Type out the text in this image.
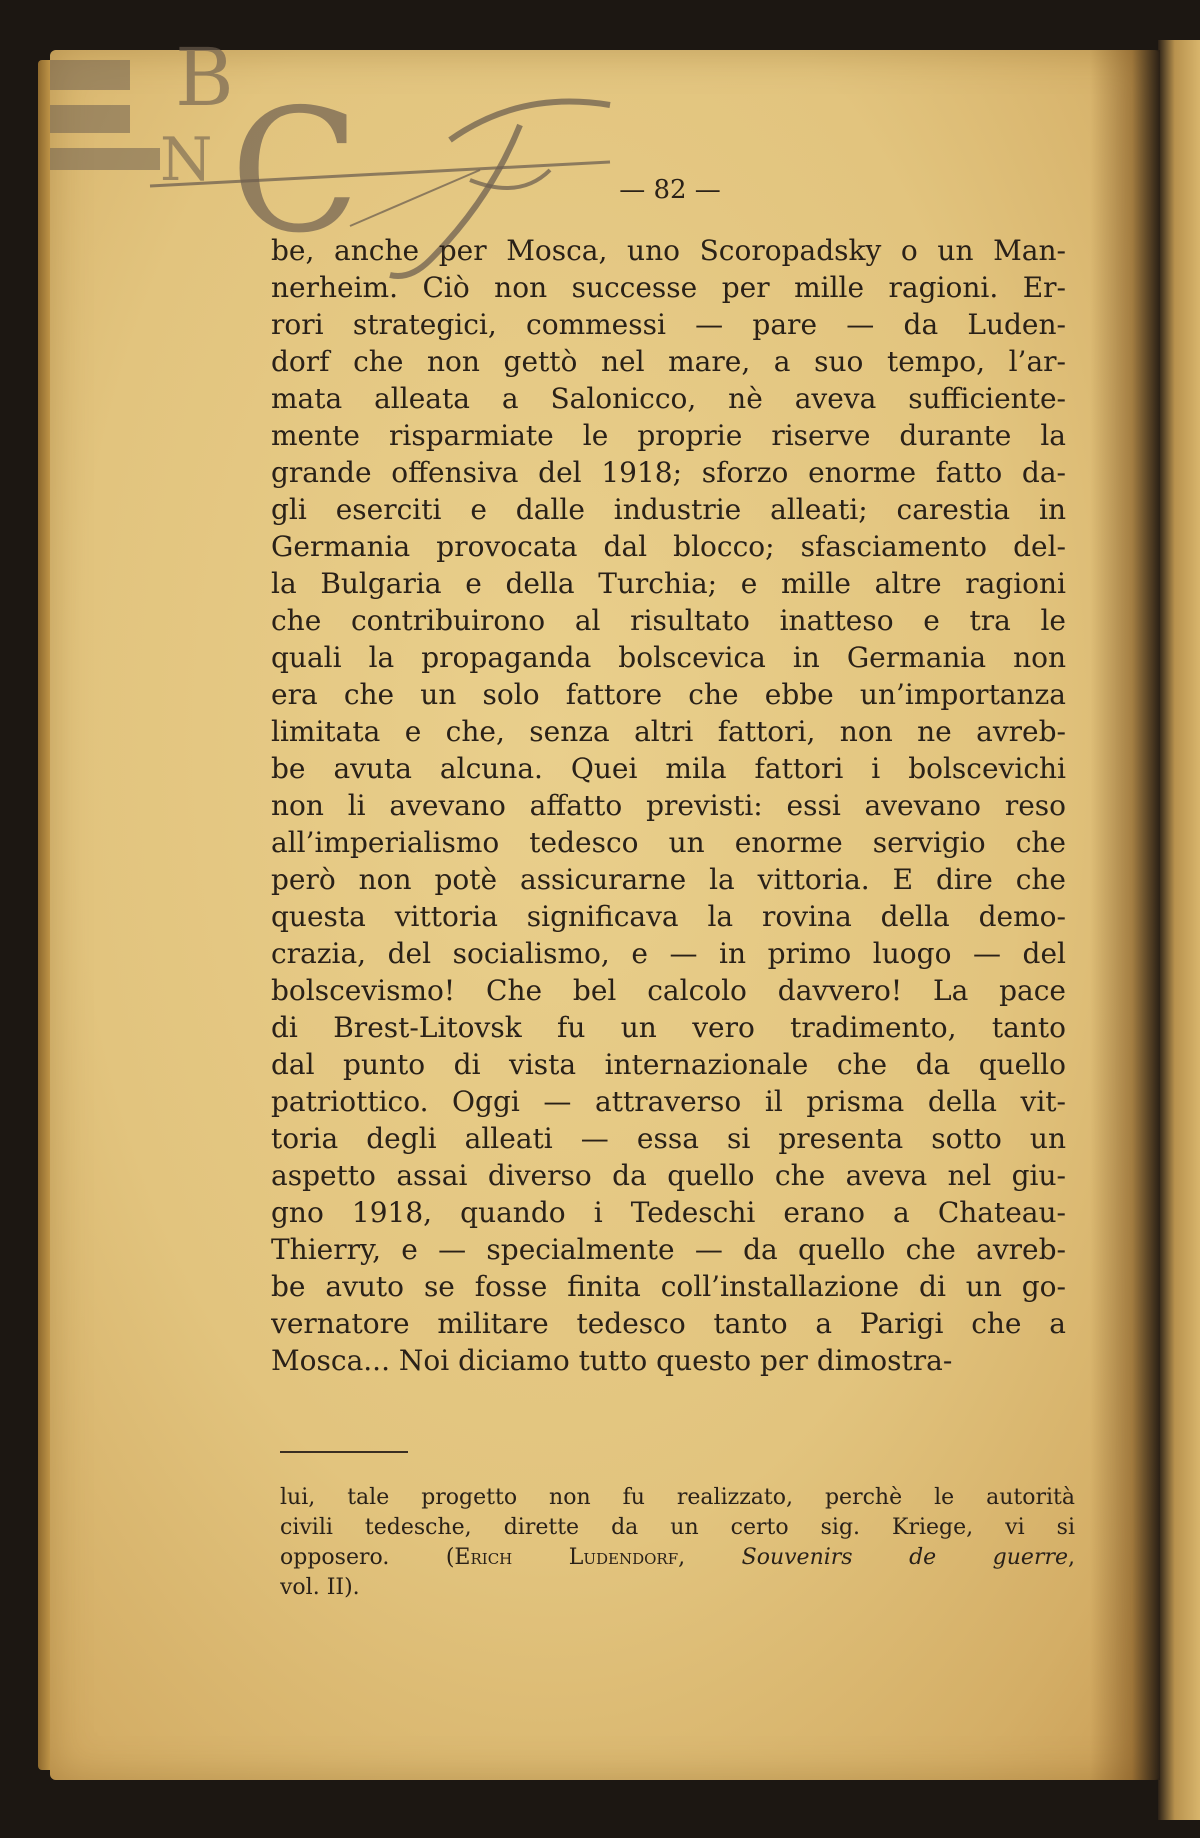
B
N C	— 82 —
be, anche per Mosca, uno Scoropadsky o un Man-
nerheim. Ciò non successe per mille ragioni. Er-
rori strategici, commessi — pare — da Luden-
dorf che non gettò nel mare, a suo tempo, l’ar-
mata alleata a Salonicco, nè aveva sufficiente-
mente risparmiate le proprie riserve durante la
grande offensiva del 1918; sforzo enorme fatto da-
gli eserciti e dalle industrie alleati; carestia in
Germania provocata dal blocco; sfasciamento del-
la Bulgaria e della Turchia; e mille altre ragioni
che contribuirono al risultato inatteso e tra le
quali la propaganda bolscevica in Germania non
era che un solo fattore che ebbe un’importanza
limitata e che, senza altri fattori, non ne avreb-
be avuta alcuna. Quei mila fattori i bolscevichi
non li avevano affatto previsti: essi avevano reso
all’imperialismo tedesco un enorme servigio che
però non potè assicurarne la vittoria. E dire che
questa vittoria significava la rovina della demo-
crazia, del socialismo, e — in primo luogo — del
bolscevismo! Che bel calcolo davvero! La pace
di Brest-Litovsk fu un vero tradimento, tanto
dal punto di vista internazionale che da quello
patriottico. Oggi — attraverso il prisma della vit-
toria degli alleati — essa si presenta sotto un
aspetto assai diverso da quello che aveva nel giu-
gno 1918, quando i Tedeschi erano a Chateau-
Thierry, e — specialmente — da quello che avreb-
be avuto se fosse finita coll’installazione di un go-
vernatore militare tedesco tanto a Parigi che a
Mosca... Noi diciamo tutto questo per dimostra-
lui, tale progetto non fu realizzato, perchè le autorità
civili tedesche, dirette da un certo sig. Kriege, vi si
opposero. (Erich Ludendorf, Souvenirs de guerre,
vol. II).
